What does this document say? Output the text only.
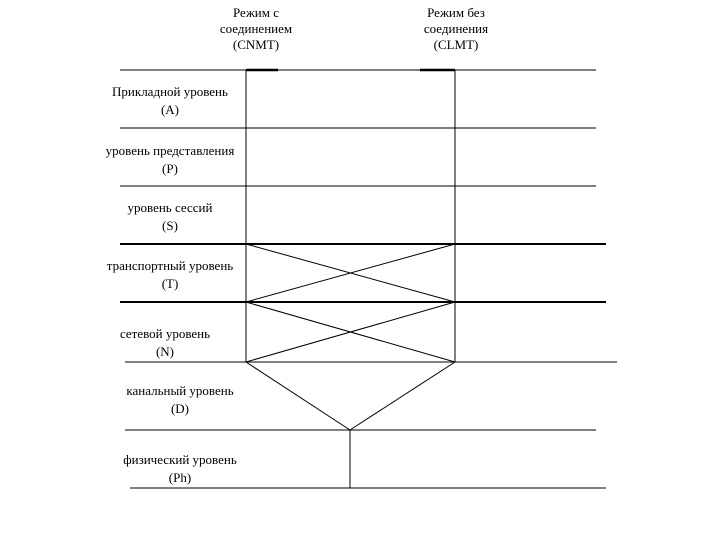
Режим с
соединением
(CNMT)
Режим без
соединения
(CLMT)
Прикладной уровень
(A)
уровень представления
(P)
уровень сессий
(S)
транспортный уровень
(T)
сетевой уровень
(N)
канальный уровень
(D)
физический уровень
(Ph)
